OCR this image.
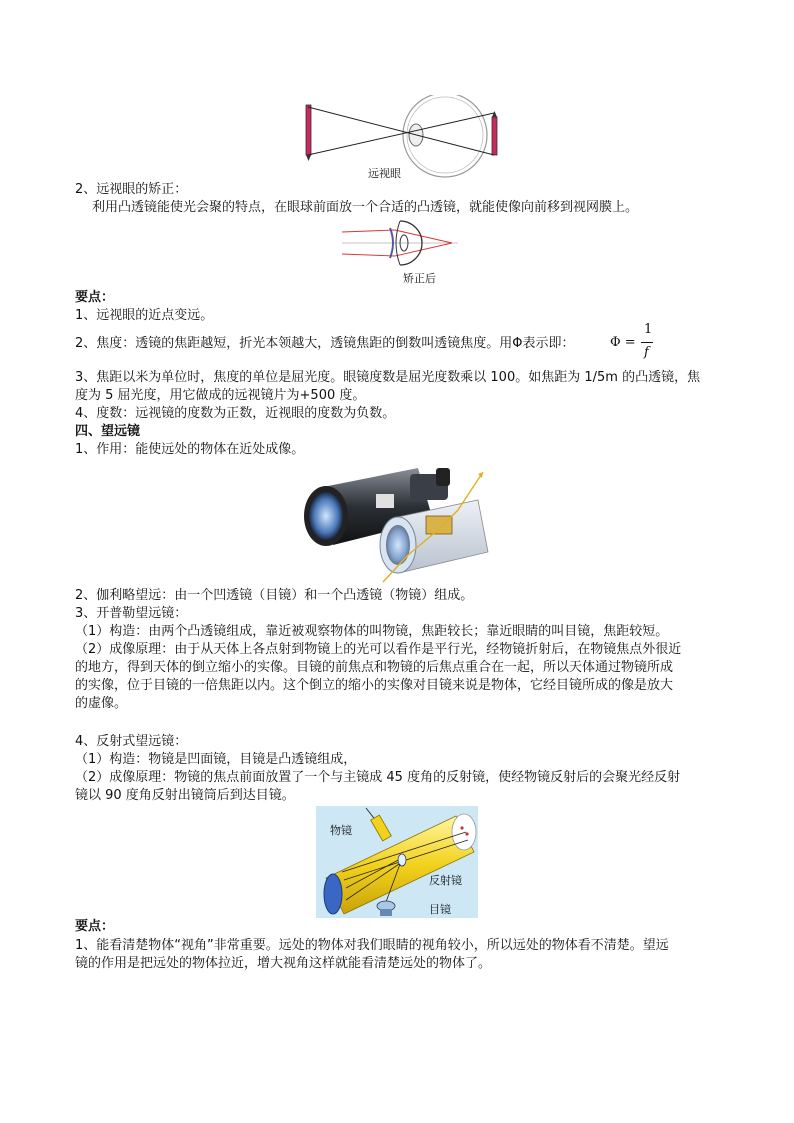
远视眼
2、远视眼的矫正：
利用凸透镜能使光会聚的特点，在眼球前面放一个合适的凸透镜，就能使像向前移到视网膜上。
矫正后
要点：
1、远视眼的近点变远。
2、焦度：透镜的焦距越短，折光本领越大，透镜焦距的倒数叫透镜焦度。用Φ表示即：	Φ =
1
f
3、焦距以米为单位时，焦度的单位是屈光度。眼镜度数是屈光度数乘以 100。如焦距为 1/5m 的凸透镜，焦
度为 5 屈光度，用它做成的远视镜片为+500 度。
4、度数：远视镜的度数为正数，近视眼的度数为负数。
四、望远镜
1、作用：能使远处的物体在近处成像。
2、伽利略望远：由一个凹透镜（目镜）和一个凸透镜（物镜）组成。
3、开普勒望远镜：
（1）构造：由两个凸透镜组成，靠近被观察物体的叫物镜，焦距较长；靠近眼睛的叫目镜，焦距较短。
（2）成像原理：由于从天体上各点射到物镜上的光可以看作是平行光，经物镜折射后，在物镜焦点外很近
的地方，得到天体的倒立缩小的实像。目镜的前焦点和物镜的后焦点重合在一起，所以天体通过物镜所成
的实像，位于目镜的一倍焦距以内。这个倒立的缩小的实像对目镜来说是物体，它经目镜所成的像是放大
的虚像。
4、反射式望远镜：
（1）构造：物镜是凹面镜，目镜是凸透镜组成，
（2）成像原理：物镜的焦点前面放置了一个与主镜成 45 度角的反射镜，使经物镜反射后的会聚光经反射
镜以 90 度角反射出镜筒后到达目镜。
物镜
反射镜
目镜
要点：
1、能看清楚物体“视角”非常重要。远处的物体对我们眼睛的视角较小，所以远处的物体看不清楚。望远
镜的作用是把远处的物体拉近，增大视角这样就能看清楚远处的物体了。
